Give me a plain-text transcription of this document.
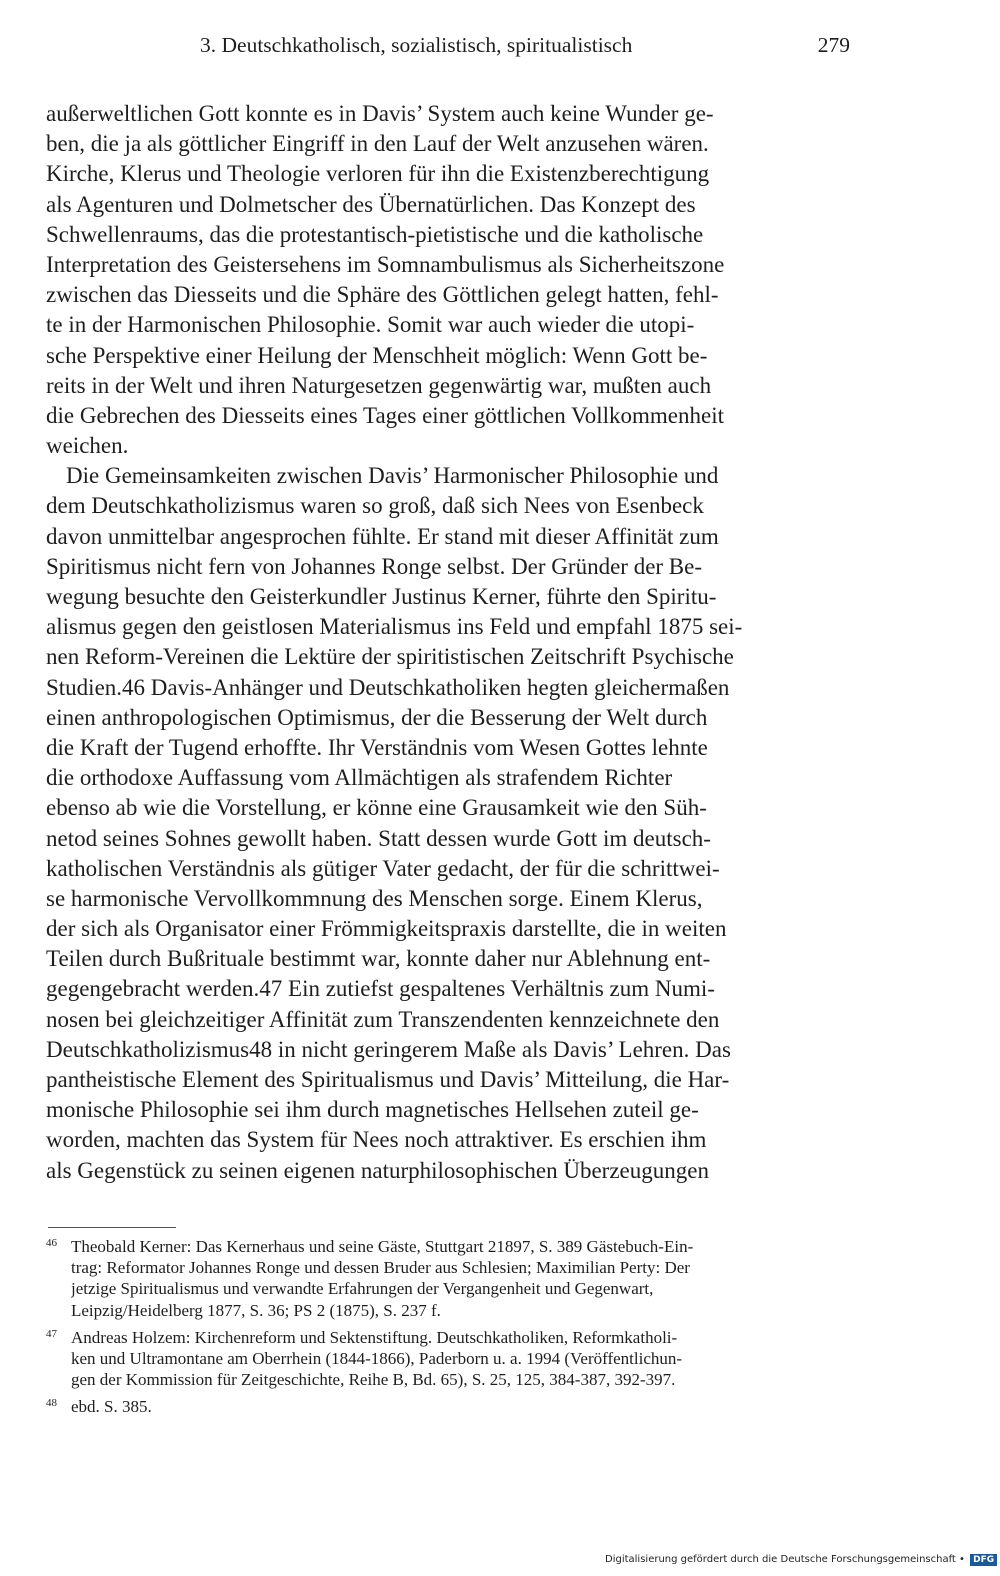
3. Deutschkatholisch, sozialistisch, spiritualistisch	279
außerweltlichen Gott konnte es in Davis’ System auch keine Wunder ge-
ben, die ja als göttlicher Eingriff in den Lauf der Welt anzusehen wären.
Kirche, Klerus und Theologie verloren für ihn die Existenzberechtigung
als Agenturen und Dolmetscher des Übernatürlichen. Das Konzept des
Schwellenraums, das die protestantisch-pietistische und die katholische
Interpretation des Geistersehens im Somnambulismus als Sicherheitszone
zwischen das Diesseits und die Sphäre des Göttlichen gelegt hatten, fehl-
te in der Harmonischen Philosophie. Somit war auch wieder die utopi-
sche Perspektive einer Heilung der Menschheit möglich: Wenn Gott be-
reits in der Welt und ihren Naturgesetzen gegenwärtig war, mußten auch
die Gebrechen des Diesseits eines Tages einer göttlichen Vollkommenheit
weichen.
Die Gemeinsamkeiten zwischen Davis’ Harmonischer Philosophie und
dem Deutschkatholizismus waren so groß, daß sich Nees von Esenbeck
davon unmittelbar angesprochen fühlte. Er stand mit dieser Affinität zum
Spiritismus nicht fern von Johannes Ronge selbst. Der Gründer der Be-
wegung besuchte den Geisterkundler Justinus Kerner, führte den Spiritu-
alismus gegen den geistlosen Materialismus ins Feld und empfahl 1875 sei-
nen Reform-Vereinen die Lektüre der spiritistischen Zeitschrift Psychische
Studien.46 Davis-Anhänger und Deutschkatholiken hegten gleichermaßen
einen anthropologischen Optimismus, der die Besserung der Welt durch
die Kraft der Tugend erhoffte. Ihr Verständnis vom Wesen Gottes lehnte
die orthodoxe Auffassung vom Allmächtigen als strafendem Richter
ebenso ab wie die Vorstellung, er könne eine Grausamkeit wie den Süh-
netod seines Sohnes gewollt haben. Statt dessen wurde Gott im deutsch-
katholischen Verständnis als gütiger Vater gedacht, der für die schrittwei-
se harmonische Vervollkommnung des Menschen sorge. Einem Klerus,
der sich als Organisator einer Frömmigkeitspraxis darstellte, die in weiten
Teilen durch Bußrituale bestimmt war, konnte daher nur Ablehnung ent-
gegengebracht werden.47 Ein zutiefst gespaltenes Verhältnis zum Numi-
nosen bei gleichzeitiger Affinität zum Transzendenten kennzeichnete den
Deutschkatholizismus48 in nicht geringerem Maße als Davis’ Lehren. Das
pantheistische Element des Spiritualismus und Davis’ Mitteilung, die Har-
monische Philosophie sei ihm durch magnetisches Hellsehen zuteil ge-
worden, machten das System für Nees noch attraktiver. Es erschien ihm
als Gegenstück zu seinen eigenen naturphilosophischen Überzeugungen
46 Theobald Kerner: Das Kernerhaus und seine Gäste, Stuttgart 21897, S. 389 Gästebuch-Ein-
trag: Reformator Johannes Ronge und dessen Bruder aus Schlesien; Maximilian Perty: Der
jetzige Spiritualismus und verwandte Erfahrungen der Vergangenheit und Gegenwart,
Leipzig/Heidelberg 1877, S. 36; PS 2 (1875), S. 237 f.
47 Andreas Holzem: Kirchenreform und Sektenstiftung. Deutschkatholiken, Reformkatholi-
ken und Ultramontane am Oberrhein (1844-1866), Paderborn u. a. 1994 (Veröffentlichun-
gen der Kommission für Zeitgeschichte, Reihe B, Bd. 65), S. 25, 125, 384-387, 392-397.
48 ebd. S. 385.
Digitalisierung gefördert durch die Deutsche Forschungsgemeinschaft • DFG
